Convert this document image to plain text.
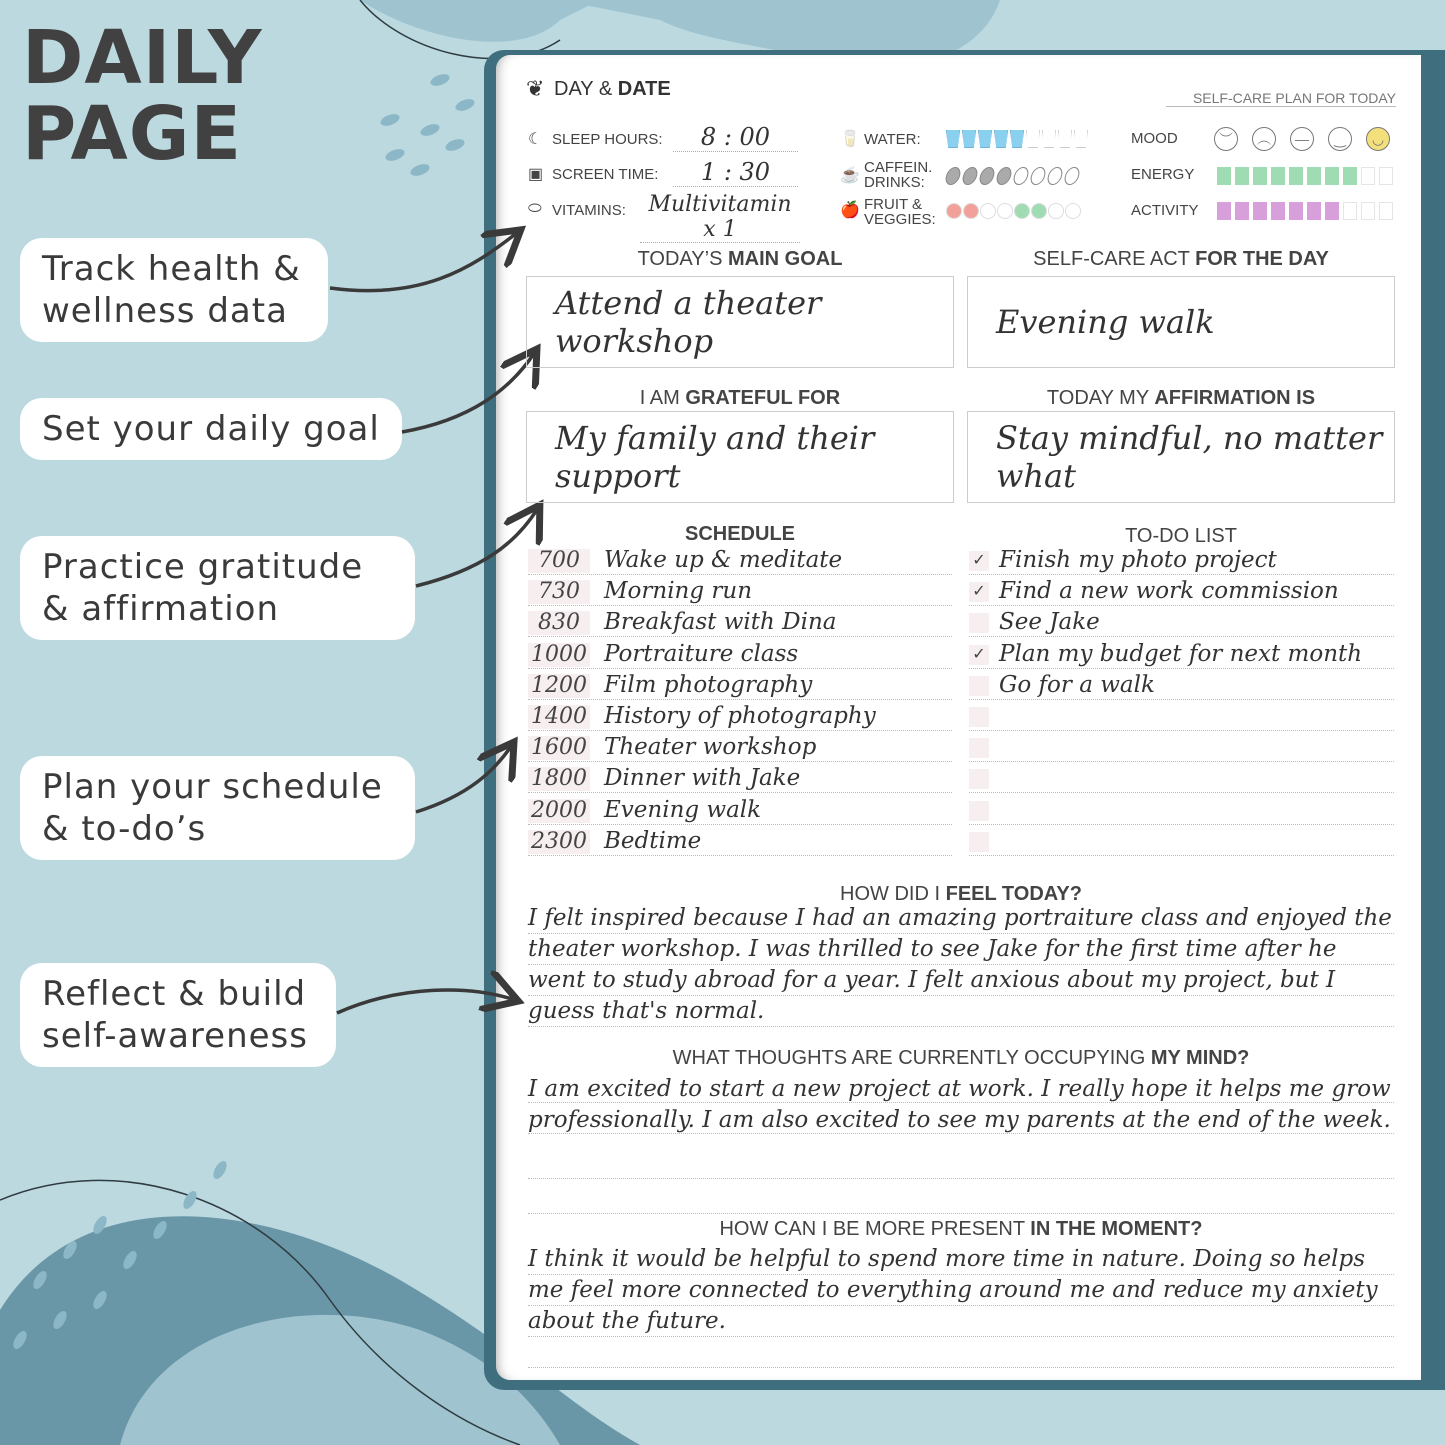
DAILY
PAGE
Track health &
wellness data
Set your daily goal
Practice gratitude
& affirmation
Plan your schedule
& to-do’s
Reflect & build
self-awareness
❦ DAY & DATE	SELF-CARE PLAN FOR TODAY
☾ SLEEP HOURS:	8 : 00
▣ SCREEN TIME:	1 : 30
⬭ VITAMINS:	Multivitamin x 1
🥛 WATER:
☕ CAFFEIN.
DRINKS:
🍎 FRUIT &
VEGGIES:
MOOD	︶ ︵ — ‿ ◡
ENERGY
ACTIVITY
TODAY’S MAIN GOAL
Attend a theater workshop
SELF-CARE ACT FOR THE DAY
Evening walk
I AM GRATEFUL FOR
My family and their support
TODAY MY AFFIRMATION IS
Stay mindful, no matter what
SCHEDULE	TO-DO LIST
700	Wake up & meditate
730	Morning run
830	Breakfast with Dina
1000 Portraiture class
1200 Film photography
1400 History of photography
1600 Theater workshop
1800 Dinner with Jake
2000 Evening walk
2300 Bedtime
✓ Finish my photo project
✓ Find a new work commission
See Jake
✓ Plan my budget for next month
Go for a walk
HOW DID I FEEL TODAY?
I felt inspired because I had an amazing portraiture class and enjoyed the theater workshop. I was thrilled to see Jake for the first time after he went to study abroad for a year. I felt anxious about my project, but I guess that's normal.
WHAT THOUGHTS ARE CURRENTLY OCCUPYING MY MIND?
I am excited to start a new project at work. I really hope it helps me grow professionally. I am also excited to see my parents at the end of the week.
HOW CAN I BE MORE PRESENT IN THE MOMENT?
I think it would be helpful to spend more time in nature. Doing so helps me feel more connected to everything around me and reduce my anxiety about the future.
